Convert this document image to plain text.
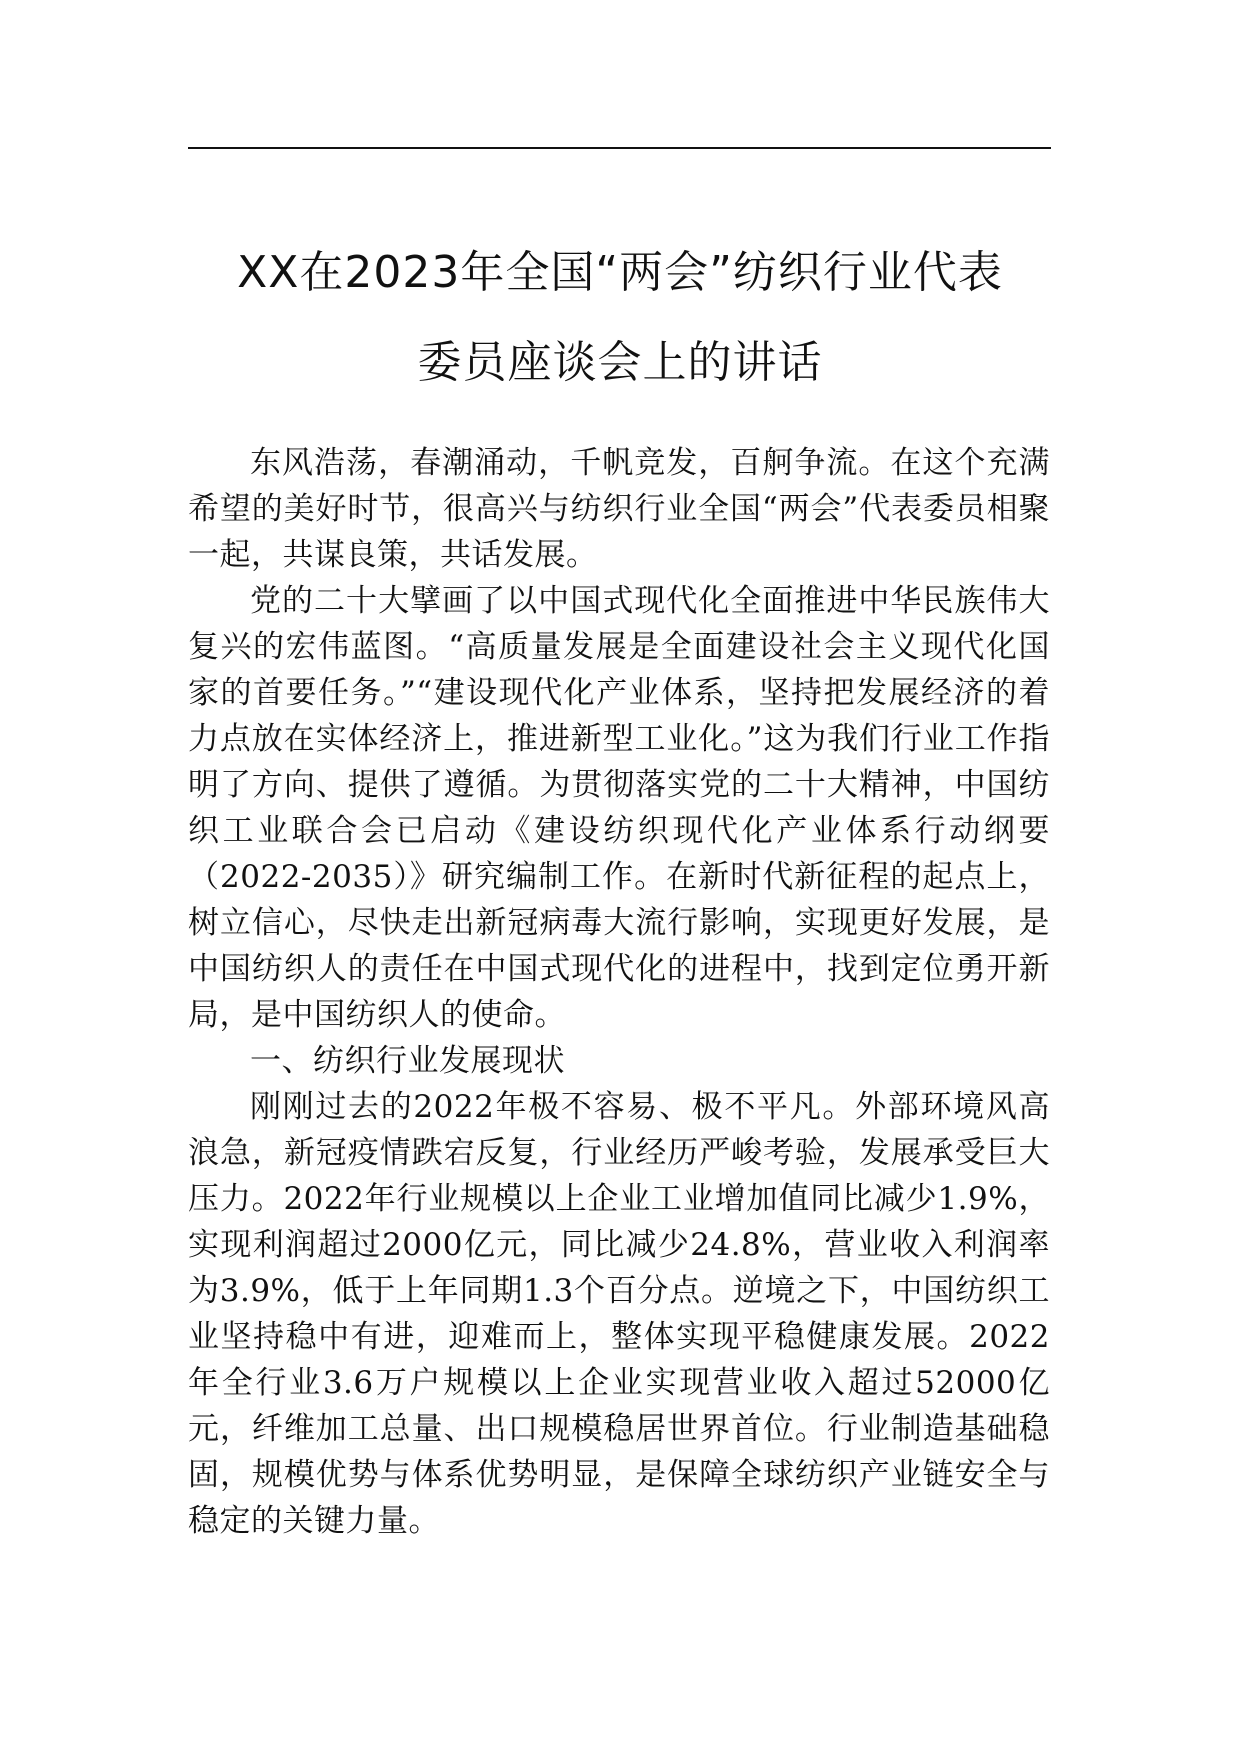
XX在2023年全国“两会”纺织行业代表
委员座谈会上的讲话

东风浩荡，春潮涌动，千帆竞发，百舸争流。在这个充满希望的美好时节，很高兴与纺织行业全国“两会”代表委员相聚一起，共谋良策，共话发展。

党的二十大擘画了以中国式现代化全面推进中华民族伟大复兴的宏伟蓝图。“高质量发展是全面建设社会主义现代化国家的首要任务。”“建设现代化产业体系，坚持把发展经济的着力点放在实体经济上，推进新型工业化。”这为我们行业工作指明了方向、提供了遵循。为贯彻落实党的二十大精神，中国纺织工业联合会已启动《建设纺织现代化产业体系行动纲要（2022-2035）》研究编制工作。在新时代新征程的起点上，树立信心，尽快走出新冠病毒大流行影响，实现更好发展，是中国纺织人的责任在中国式现代化的进程中，找到定位勇开新局，是中国纺织人的使命。

一、纺织行业发展现状

刚刚过去的2022年极不容易、极不平凡。外部环境风高浪急，新冠疫情跌宕反复，行业经历严峻考验，发展承受巨大压力。2022年行业规模以上企业工业增加值同比减少1.9%，实现利润超过2000亿元，同比减少24.8%，营业收入利润率为3.9%，低于上年同期1.3个百分点。逆境之下，中国纺织工业坚持稳中有进，迎难而上，整体实现平稳健康发展。2022年全行业3.6万户规模以上企业实现营业收入超过52000亿元，纤维加工总量、出口规模稳居世界首位。行业制造基础稳固，规模优势与体系优势明显，是保障全球纺织产业链安全与稳定的关键力量。
